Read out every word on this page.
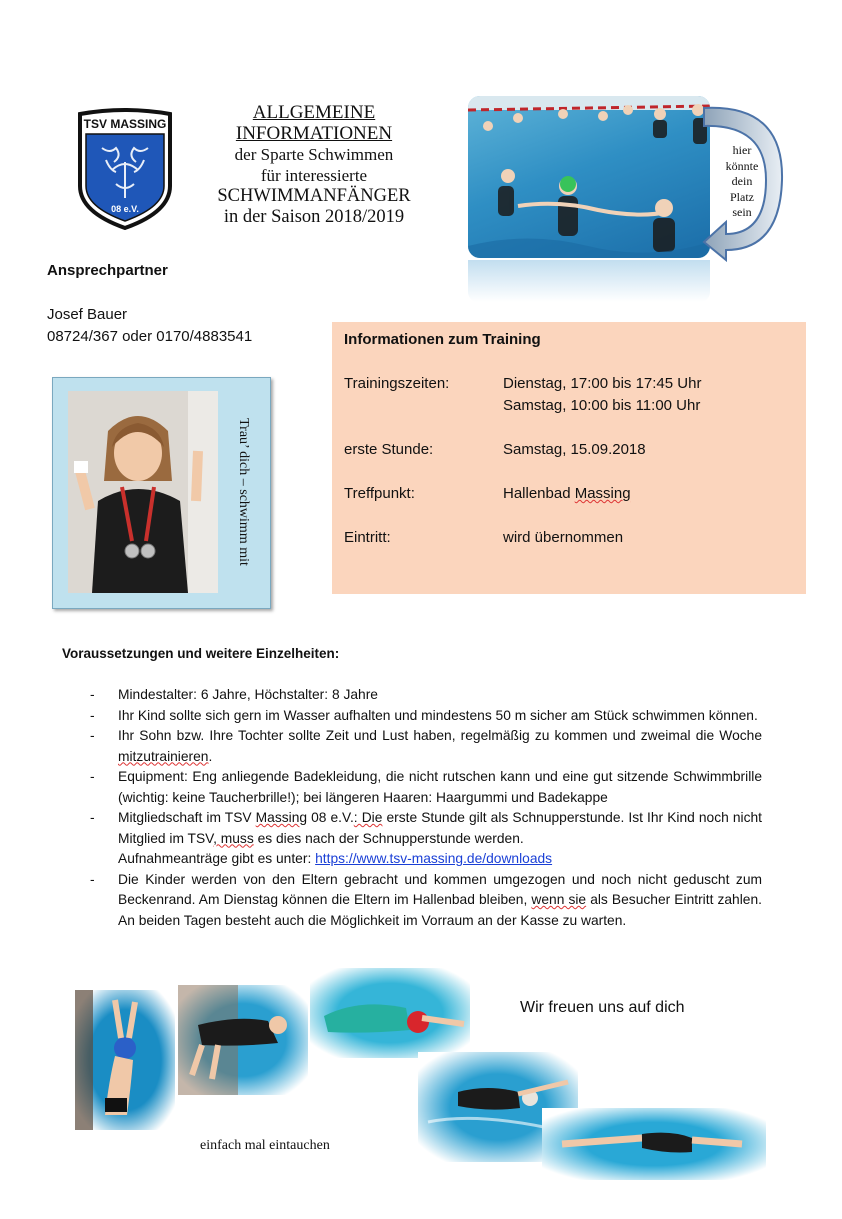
TSV MASSING
08 e.V.
ALLGEMEINE
INFORMATIONEN
der Sparte Schwimmen
für interessierte
SCHWIMMANFÄNGER
in der Saison 2018/2019
hier
könnte
dein
Platz
sein
Ansprechpartner
Josef Bauer
08724/367 oder 0170/4883541
Trau’ dich – schwimm mit
Informationen zum Training
Trainingszeiten:	Dienstag, 17:00 bis 17:45 Uhr
Samstag, 10:00 bis 11:00 Uhr
erste Stunde:	Samstag, 15.09.2018
Treffpunkt:	Hallenbad Massing
Eintritt:	wird übernommen
Voraussetzungen und weitere Einzelheiten:
- Mindestalter: 6 Jahre, Höchstalter: 8 Jahre
- Ihr Kind sollte sich gern im Wasser aufhalten und mindestens 50 m sicher am Stück schwimmen können.
- Ihr Sohn bzw. Ihre Tochter sollte Zeit und Lust haben, regelmäßig zu kommen und zweimal die Woche mitzutrainieren.
- Equipment: Eng anliegende Badekleidung, die nicht rutschen kann und eine gut sitzende Schwimmbrille (wichtig: keine Taucherbrille!); bei längeren Haaren: Haargummi und Badekappe
- Mitgliedschaft im TSV Massing 08 e.V.: Die erste Stunde gilt als Schnupperstunde. Ist Ihr Kind noch nicht Mitglied im TSV, muss es dies nach der Schnupperstunde werden.
Aufnahmeanträge gibt es unter: https://www.tsv-massing.de/downloads
- Die Kinder werden von den Eltern gebracht und kommen umgezogen und noch nicht geduscht zum Beckenrand. Am Dienstag können die Eltern im Hallenbad bleiben, wenn sie als Besucher Eintritt zahlen. An beiden Tagen besteht auch die Möglichkeit im Vorraum an der Kasse zu warten.
Wir freuen uns auf dich
einfach mal eintauchen
